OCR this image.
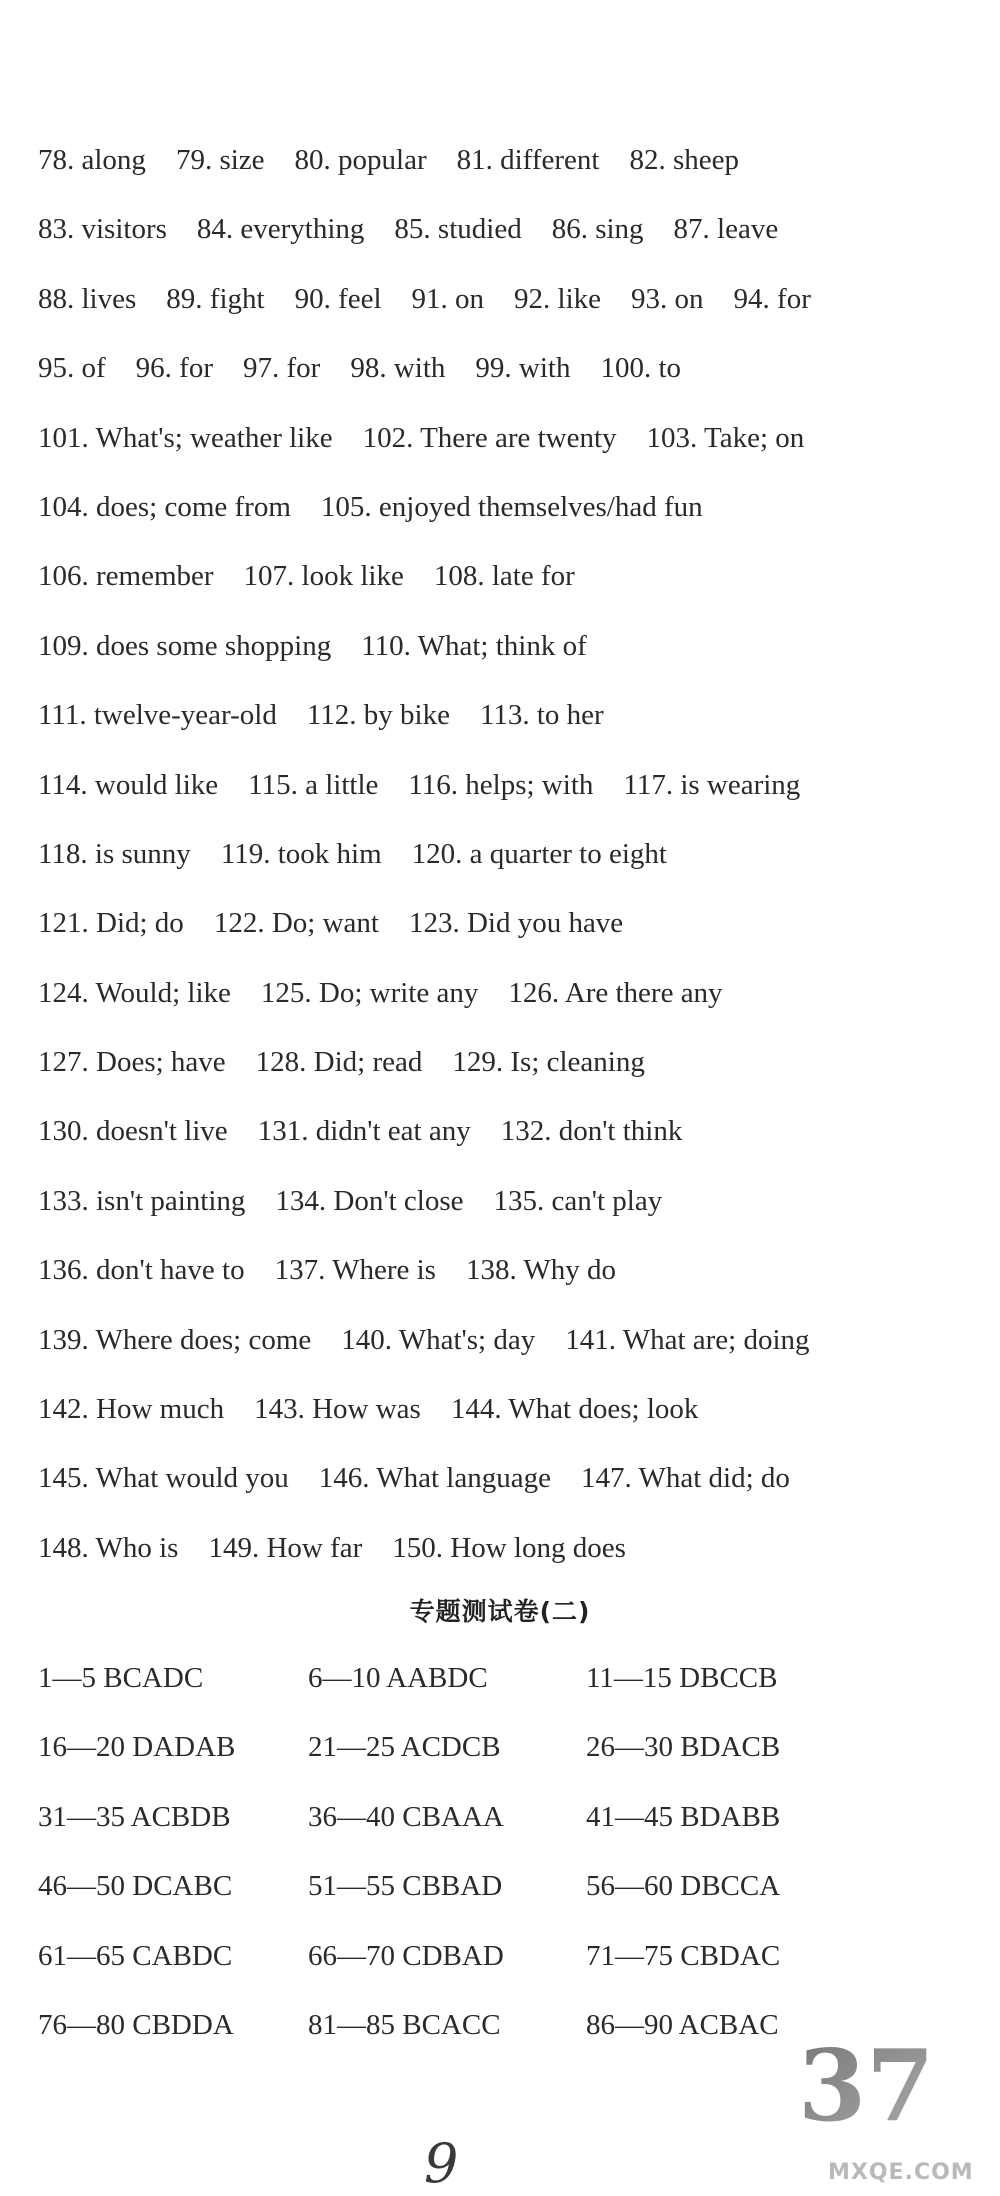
78. along 79. size 80. popular 81. different 82. sheep
83. visitors 84. everything 85. studied 86. sing 87. leave
88. lives 89. fight 90. feel 91. on 92. like 93. on 94. for
95. of 96. for 97. for 98. with 99. with 100. to
101. What's; weather like 102. There are twenty 103. Take; on
104. does; come from 105. enjoyed themselves/had fun
106. remember 107. look like 108. late for
109. does some shopping 110. What; think of
111. twelve-year-old 112. by bike 113. to her
114. would like 115. a little 116. helps; with 117. is wearing
118. is sunny 119. took him 120. a quarter to eight
121. Did; do 122. Do; want 123. Did you have
124. Would; like 125. Do; write any 126. Are there any
127. Does; have 128. Did; read 129. Is; cleaning
130. doesn't live 131. didn't eat any 132. don't think
133. isn't painting 134. Don't close 135. can't play
136. don't have to 137. Where is 138. Why do
139. Where does; come 140. What's; day 141. What are; doing
142. How much 143. How was 144. What does; look
145. What would you 146. What language 147. What did; do
148. Who is 149. How far 150. How long does
专题测试卷(二)
1—5 BCADC	6—10 AABDC	11—15 DBCCB
16—20 DADAB	21—25 ACDCB	26—30 BDACB
31—35 ACBDB	36—40 CBAAA	41—45 BDABB
46—50 DCABC	51—55 CBBAD	56—60 DBCCA
61—65 CABDC	66—70 CDBAD	71—75 CBDAC
76—80 CBDDA	81—85 BCACC	86—90 ACBAC
37
9	MXQE.COM
